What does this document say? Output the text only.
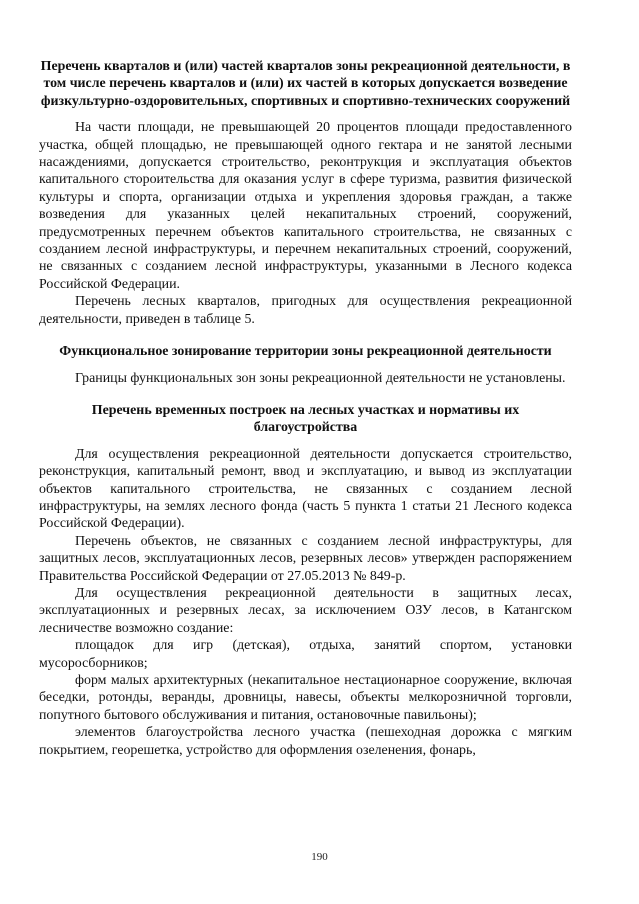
Перечень кварталов и (или) частей кварталов зоны рекреационной деятельности, в том числе перечень кварталов и (или) их частей в которых допускается возведение физкультурно-оздоровительных, спортивных и спортивно-технических сооружений

На части площади, не превышающей 20 процентов площади предоставленного участка, общей площадью, не превышающей одного гектара и не занятой лесными насаждениями, допускается строительство, реконтрукция и эксплуатация объектов капитального стороительства для оказания услуг в сфере туризма, развития физической культуры и спорта, организации отдыха и укрепления здоровья граждан, а также возведения для указанных целей некапитальных строений, сооружений, предусмотренных перечнем объектов капитального строительства, не связанных с созданием лесной инфраструктуры, и перечнем некапитальных строений, сооружений, не связанных с созданием лесной инфраструктуры, указанными в Лесного кодекса Российской Федерации.

Перечень лесных кварталов, пригодных для осуществления рекреационной деятельности, приведен в таблице 5.

Функциональное зонирование территории зоны рекреационной деятельности

Границы функциональных зон зоны рекреационной деятельности не установлены.

Перечень временных построек на лесных участках и нормативы их благоустройства

Для осуществления рекреационной деятельности допускается строительство, реконструкция, капитальный ремонт, ввод и эксплуатацию, и вывод из эксплуатации объектов капитального строительства, не связанных с созданием лесной инфраструктуры, на землях лесного фонда (часть 5 пункта 1 статьи 21 Лесного кодекса Российской Федерации).

Перечень объектов, не связанных с созданием лесной инфраструктуры, для защитных лесов, эксплуатационных лесов, резервных лесов» утвержден распоряжением Правительства Российской Федерации от 27.05.2013 № 849-р.

Для осуществления рекреационной деятельности в защитных лесах, эксплуатационных и резервных лесах, за исключением ОЗУ лесов, в Катангском лесничестве возможно создание:

площадок для игр (детская), отдыха, занятий спортом, установки мусоросборников;

форм малых архитектурных (некапитальное нестационарное сооружение, включая беседки, ротонды, веранды, дровницы, навесы, объекты мелкорозничной торговли, попутного бытового обслуживания и питания, остановочные павильоны);

элементов благоустройства лесного участка (пешеходная дорожка с мягким покрытием, георешетка, устройство для оформления озеленения, фонарь,

190
